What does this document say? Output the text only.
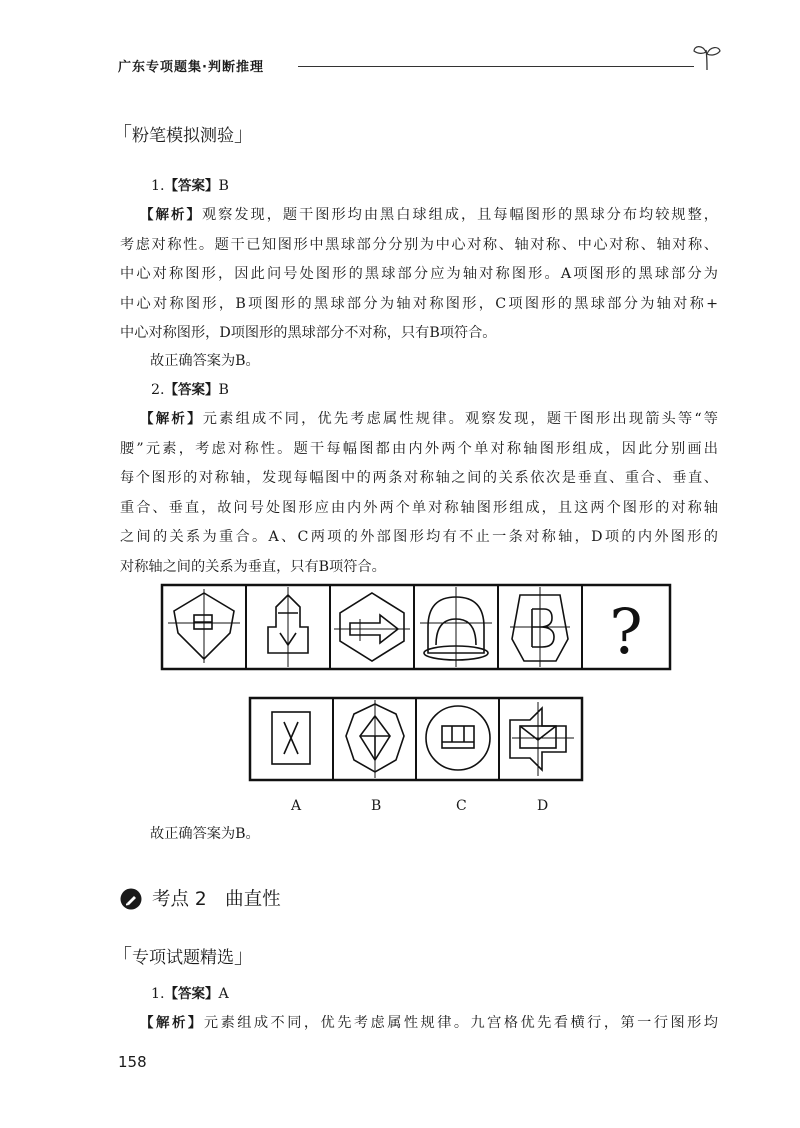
广东专项题集·判断推理
「粉笔模拟测验」
1.【答案】B
【解析】观察发现，题干图形均由黑白球组成，且每幅图形的黑球分布均较规整，
考虑对称性。题干已知图形中黑球部分分别为中心对称、轴对称、中心对称、轴对称、
中心对称图形，因此问号处图形的黑球部分应为轴对称图形。A项图形的黑球部分为
中心对称图形，B项图形的黑球部分为轴对称图形，C项图形的黑球部分为轴对称+
中心对称图形，D项图形的黑球部分不对称，只有B项符合。
故正确答案为B。
2.【答案】B
【解析】元素组成不同，优先考虑属性规律。观察发现，题干图形出现箭头等“等
腰”元素，考虑对称性。题干每幅图都由内外两个单对称轴图形组成，因此分别画出
每个图形的对称轴，发现每幅图中的两条对称轴之间的关系依次是垂直、重合、垂直、
重合、垂直，故问号处图形应由内外两个单对称轴图形组成，且这两个图形的对称轴
之间的关系为重合。A、C两项的外部图形均有不止一条对称轴，D项的内外图形的
对称轴之间的关系为垂直，只有B项符合。
?
A	B	C	D
故正确答案为B。
考点 2　曲直性
「专项试题精选」
1.【答案】A
【解析】元素组成不同，优先考虑属性规律。九宫格优先看横行，第一行图形均
158
